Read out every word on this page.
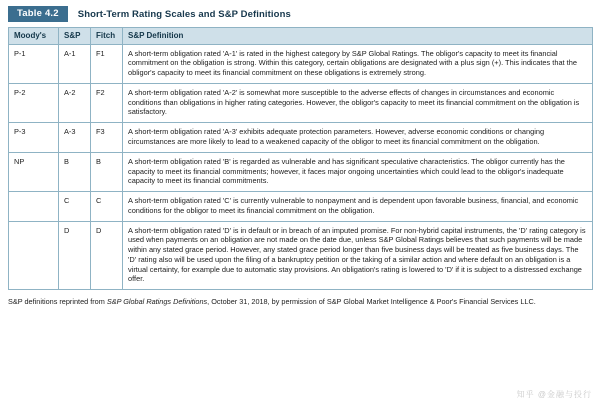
Table 4.2	Short-Term Rating Scales and S&P Definitions
Moody's	S&P	Fitch	S&P Definition
P-1	A-1	F1	A short-term obligation rated 'A-1' is rated in the highest category by S&P Global Ratings. The obligor's capacity to meet its financial commitment on the obligation is strong. Within this category, certain obligations are designated with a plus sign (+). This indicates that the obligor's capacity to meet its financial commitment on these obligations is extremely strong.
P-2	A-2	F2	A short-term obligation rated 'A-2' is somewhat more susceptible to the adverse effects of changes in circumstances and economic conditions than obligations in higher rating categories. However, the obligor's capacity to meet its financial commitment on the obligation is satisfactory.
P-3	A-3	F3	A short-term obligation rated 'A-3' exhibits adequate protection parameters. However, adverse economic conditions or changing circumstances are more likely to lead to a weakened capacity of the obligor to meet its financial commitment on the obligation.
NP	B	B	A short-term obligation rated 'B' is regarded as vulnerable and has significant speculative characteristics. The obligor currently has the capacity to meet its financial commitments; however, it faces major ongoing uncertainties which could lead to the obligor's inadequate capacity to meet its financial commitments.
	C	C	A short-term obligation rated 'C' is currently vulnerable to nonpayment and is dependent upon favorable business, financial, and economic conditions for the obligor to meet its financial commitment on the obligation.
	D	D	A short-term obligation rated 'D' is in default or in breach of an imputed promise. For non-hybrid capital instruments, the 'D' rating category is used when payments on an obligation are not made on the date due, unless S&P Global Ratings believes that such payments will be made within any stated grace period. However, any stated grace period longer than five business days will be treated as five business days. The 'D' rating also will be used upon the filing of a bankruptcy petition or the taking of a similar action and where default on an obligation is a virtual certainty, for example due to automatic stay provisions. An obligation's rating is lowered to 'D' if it is subject to a distressed exchange offer.
S&P definitions reprinted from S&P Global Ratings Definitions, October 31, 2018, by permission of S&P Global Market Intelligence & Poor's Financial Services LLC.
知乎 @金融与投行
